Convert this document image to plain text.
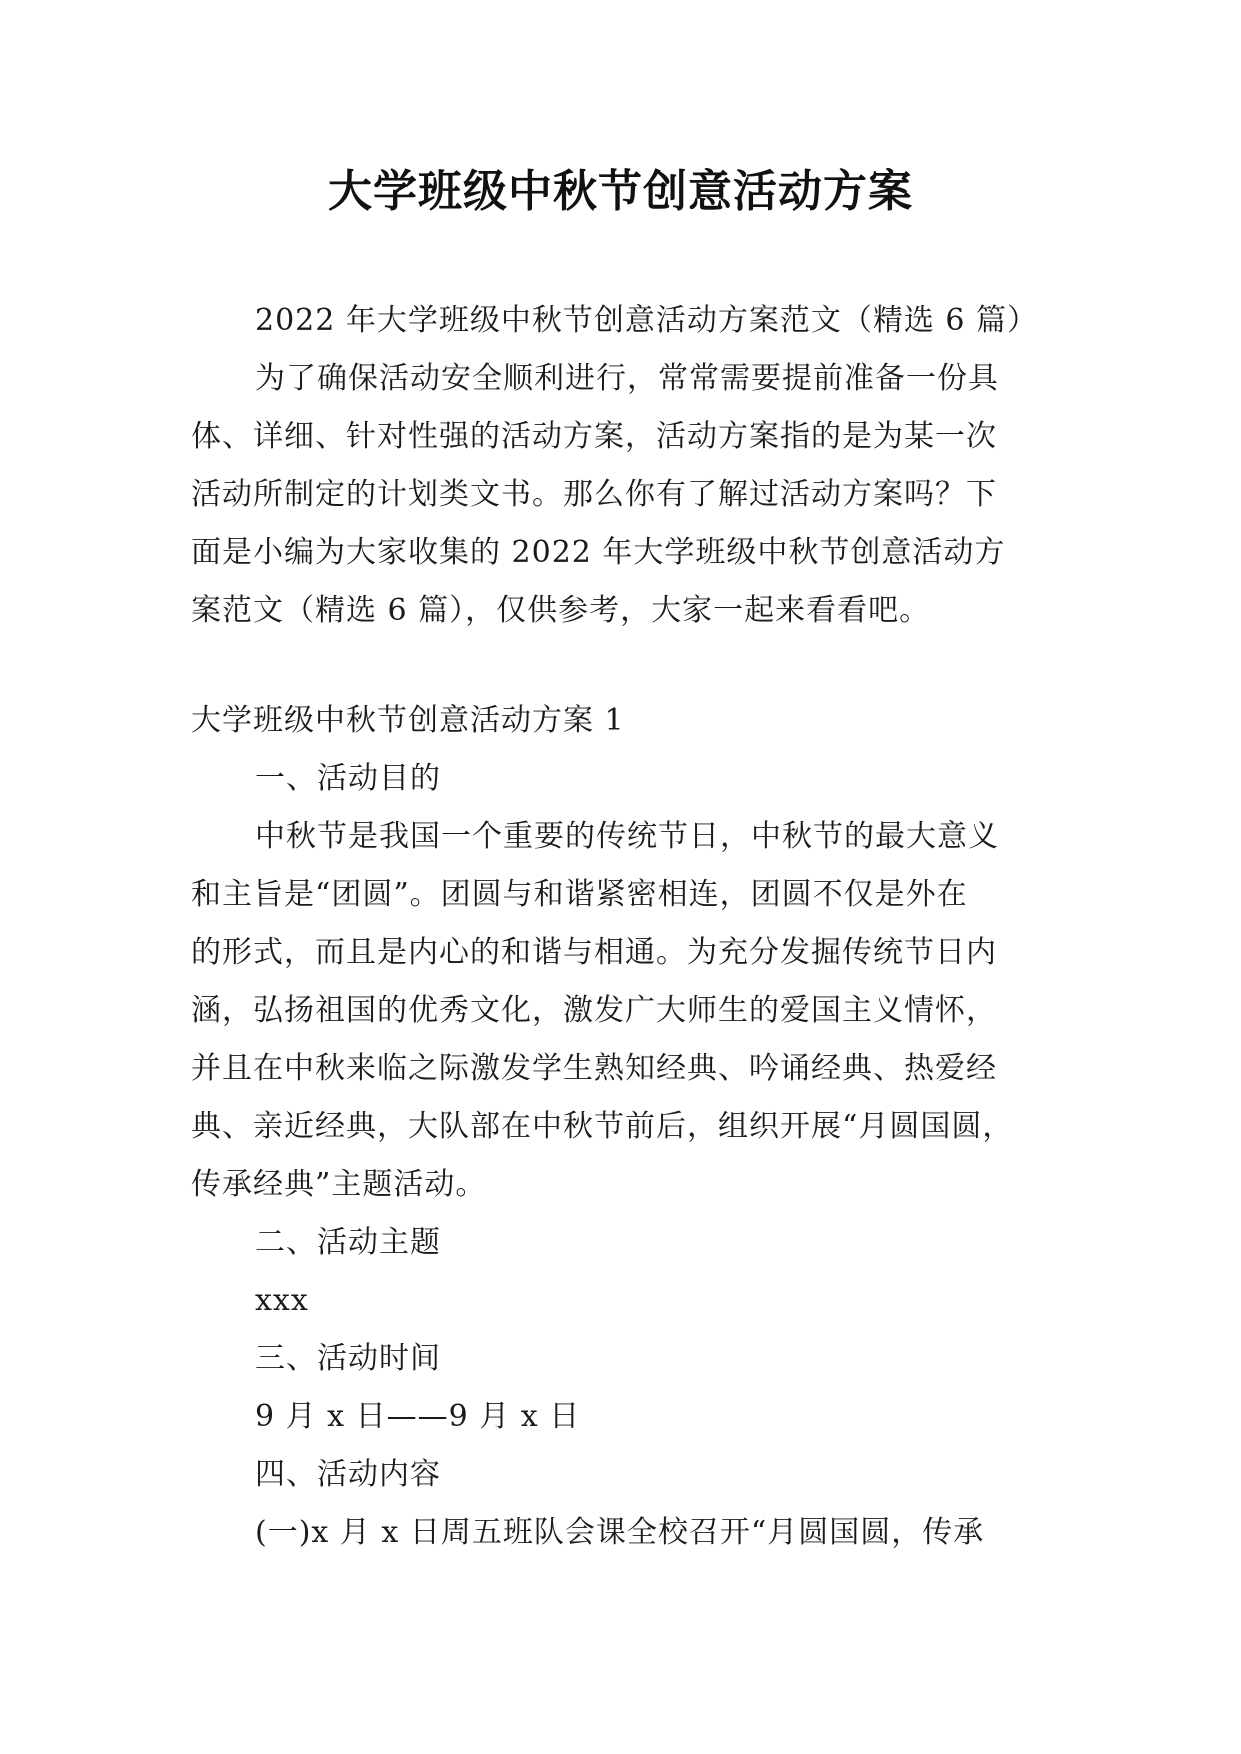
大学班级中秋节创意活动方案
2022 年大学班级中秋节创意活动方案范文（精选 6 篇）
为了确保活动安全顺利进行，常常需要提前准备一份具
体、详细、针对性强的活动方案，活动方案指的是为某一次
活动所制定的计划类文书。那么你有了解过活动方案吗？下
面是小编为大家收集的 2022 年大学班级中秋节创意活动方
案范文（精选 6 篇），仅供参考，大家一起来看看吧。
大学班级中秋节创意活动方案 1
一、活动目的
中秋节是我国一个重要的传统节日，中秋节的最大意义
和主旨是“团圆”。团圆与和谐紧密相连，团圆不仅是外在
的形式，而且是内心的和谐与相通。为充分发掘传统节日内
涵，弘扬祖国的优秀文化，激发广大师生的爱国主义情怀，
并且在中秋来临之际激发学生熟知经典、吟诵经典、热爱经
典、亲近经典，大队部在中秋节前后，组织开展“月圆国圆，
传承经典”主题活动。
二、活动主题
xxx
三、活动时间
9 月 x 日——9 月 x 日
四、活动内容
(一)x 月 x 日周五班队会课全校召开“月圆国圆，传承
